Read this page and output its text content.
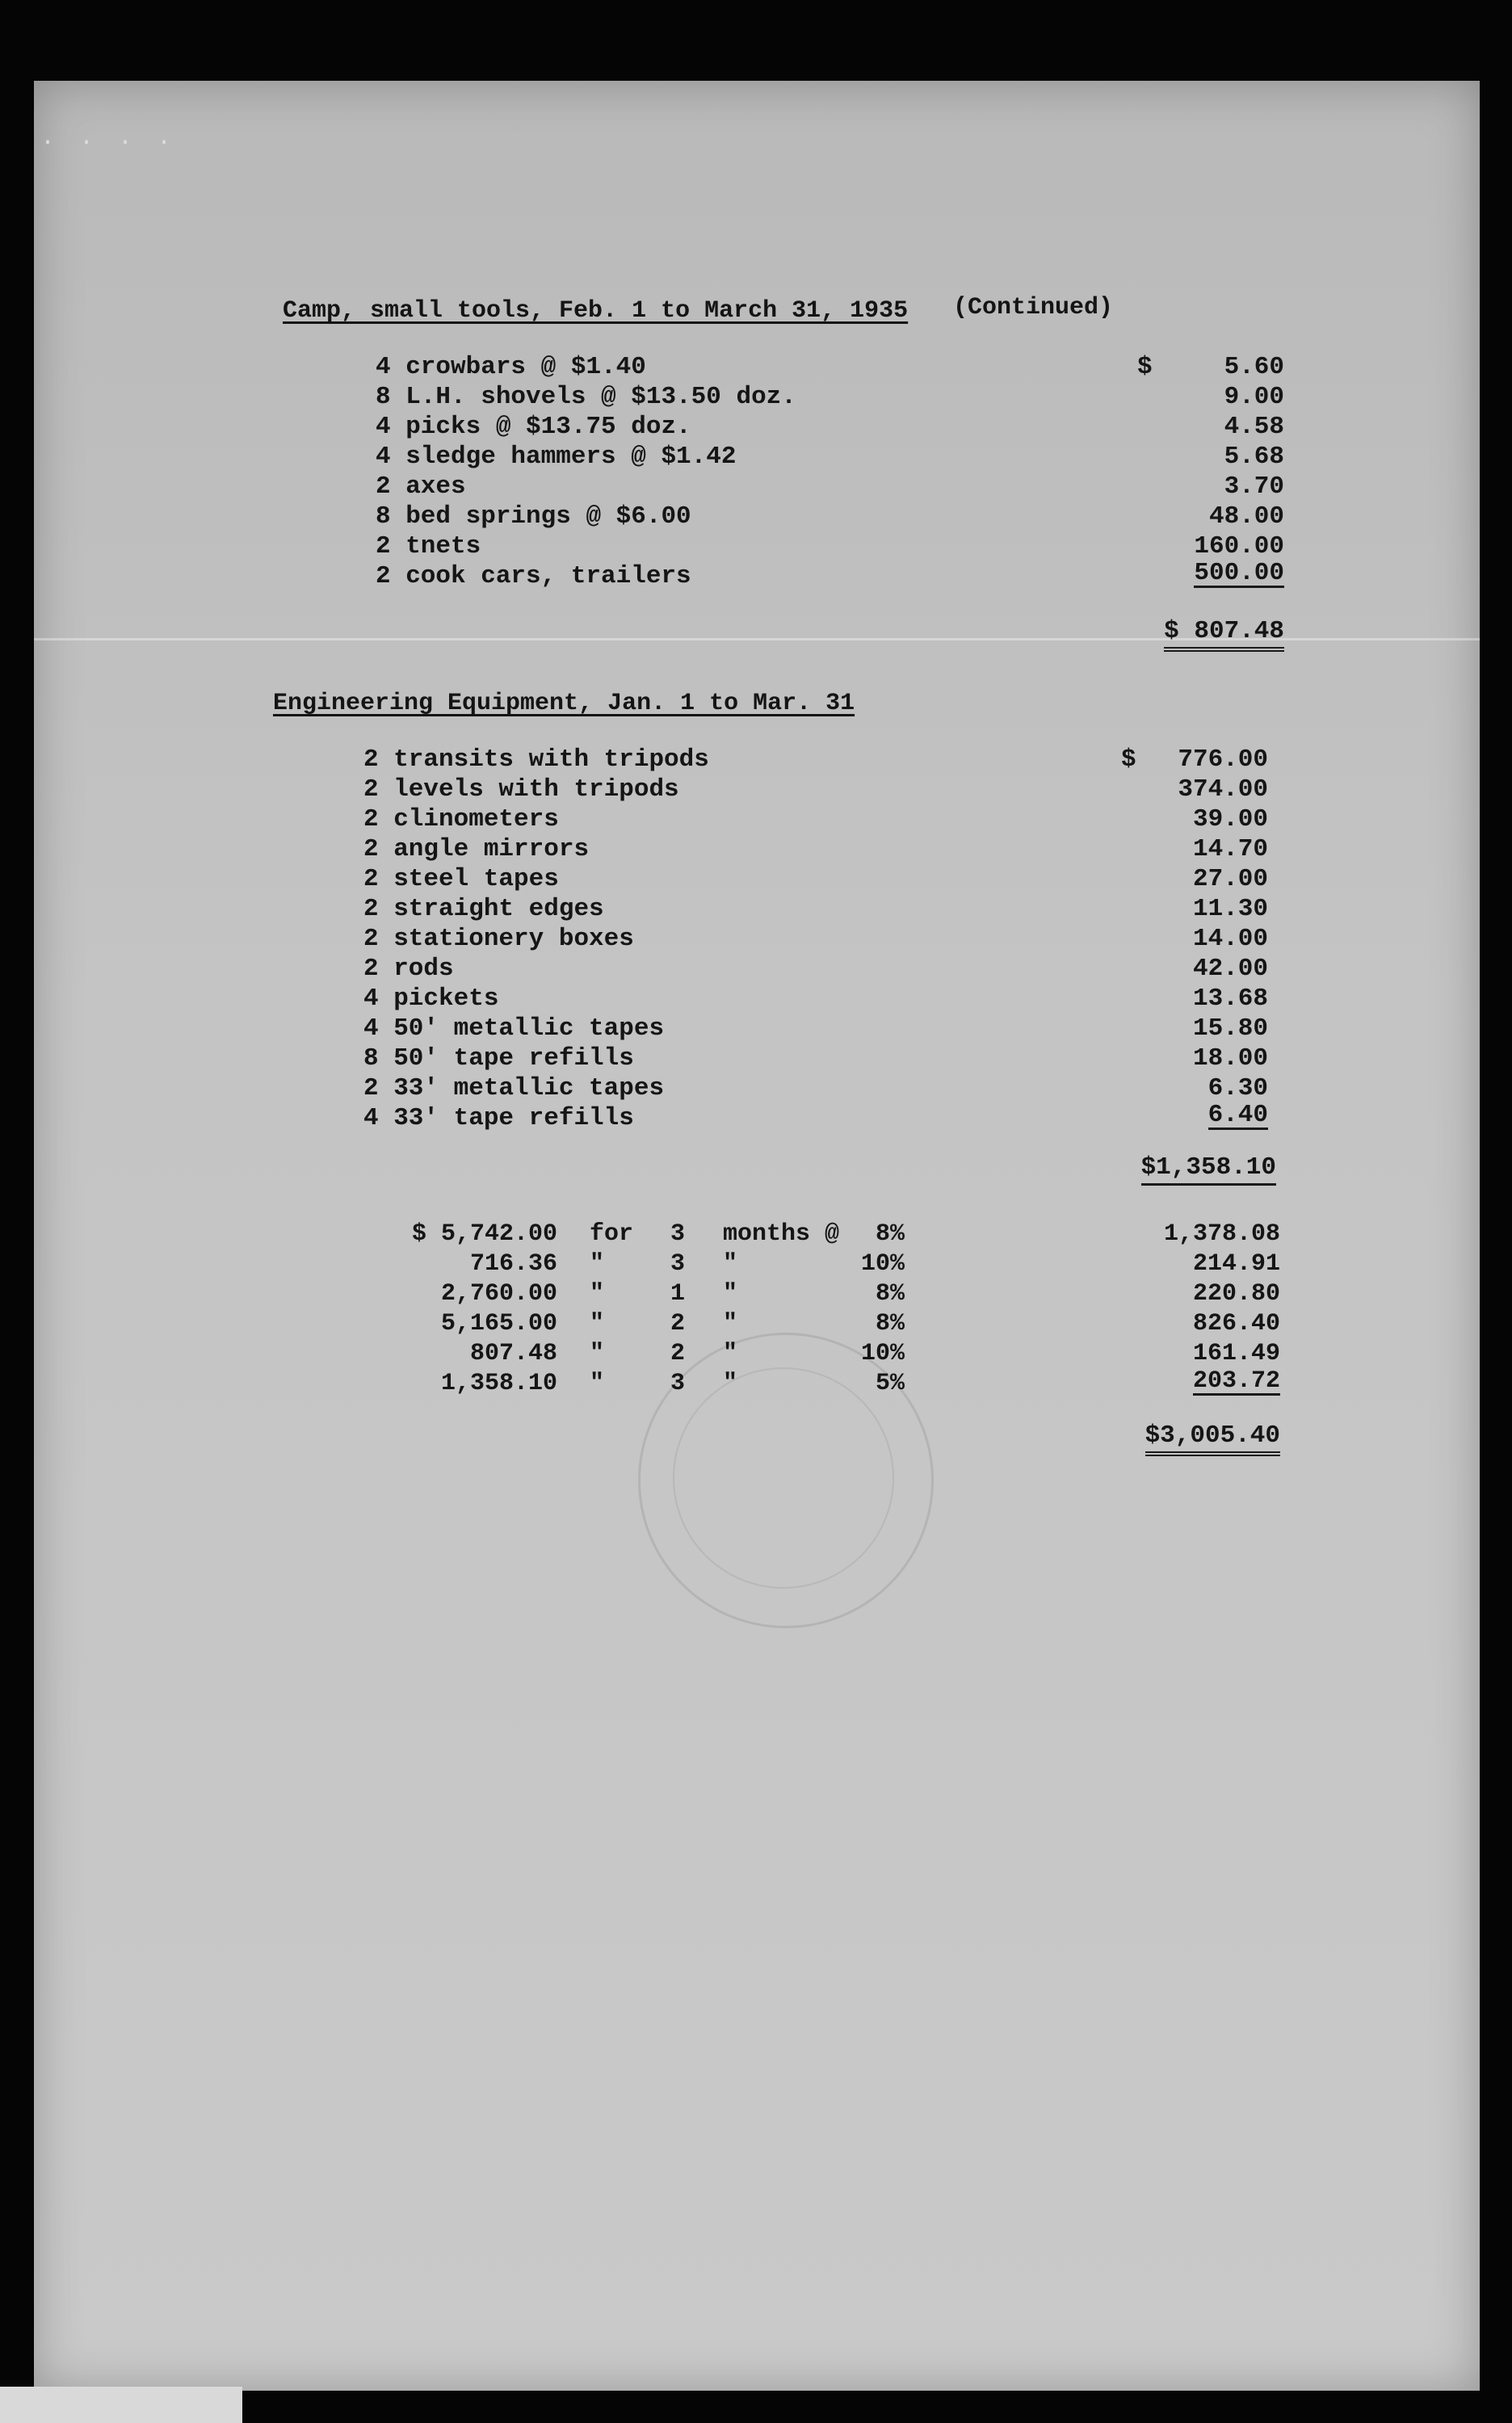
· · · ·
Camp, small tools, Feb. 1 to March 31, 1935 (Continued)
4 crowbars @ $1.40	$	5.60
8 L.H. shovels @ $13.50 doz.	9.00
4 picks @ $13.75 doz.	4.58
4 sledge hammers @ $1.42	5.68
2 axes	3.70
8 bed springs @ $6.00	48.00
2 tnets	160.00
2 cook cars, trailers	500.00
$ 807.48
Engineering Equipment, Jan. 1 to Mar. 31
2 transits with tripods	$ 776.00
2 levels with tripods	374.00
2 clinometers	39.00
2 angle mirrors	14.70
2 steel tapes	27.00
2 straight edges	11.30
2 stationery boxes	14.00
2 rods	42.00
4 pickets	13.68
4 50' metallic tapes	15.80
8 50' tape refills	18.00
2 33' metallic tapes	6.30
4 33' tape refills	6.40
$1,358.10
$ 5,742.00 for 3 months @	8%	1,378.08
716.36 "	3 "	10%	214.91
2,760.00 "	1 "	8%	220.80
5,165.00 "	2 "	8%	826.40
807.48 "	2 "	10%	161.49
1,358.10 "	3 "	5%	203.72
$3,005.40
